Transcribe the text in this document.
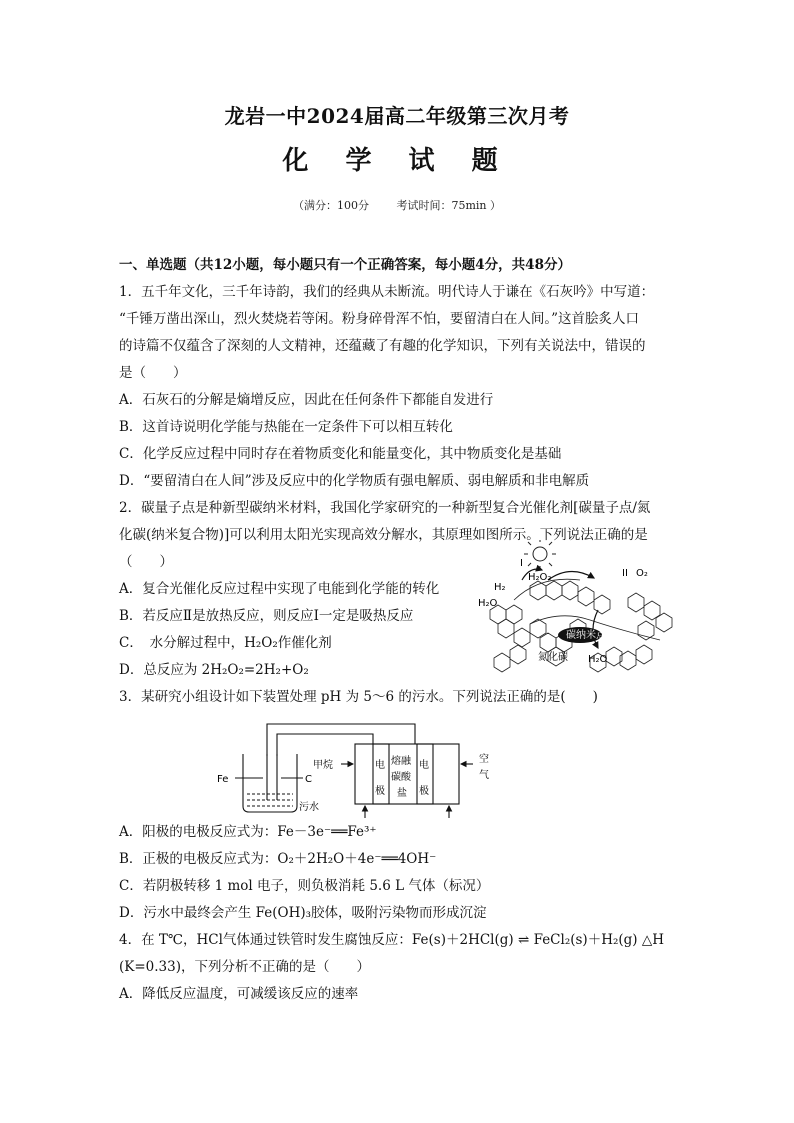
龙岩一中2024届高二年级第三次月考
化 学 试 题
（满分：100分	考试时间：75min ）
一、单选题（共12小题，每小题只有一个正确答案，每小题4分，共48分）
1．五千年文化，三千年诗韵，我们的经典从未断流。明代诗人于谦在《石灰吟》中写道：
“千锤万凿出深山，烈火焚烧若等闲。粉身碎骨浑不怕，要留清白在人间。”这首脍炙人口
的诗篇不仅蕴含了深刻的人文精神，还蕴藏了有趣的化学知识，下列有关说法中，错误的
是（　　）
A．石灰石的分解是熵增反应，因此在任何条件下都能自发进行
B．这首诗说明化学能与热能在一定条件下可以相互转化
C．化学反应过程中同时存在着物质变化和能量变化，其中物质变化是基础
D．“要留清白在人间”涉及反应中的化学物质有强电解质、弱电解质和非电解质
2．碳量子点是种新型碳纳米材料，我国化学家研究的一种新型复合光催化剂[碳量子点/氮
化碳(纳米复合物)]可以利用太阳光实现高效分解水，其原理如图所示。下列说法正确的是
（　　）
A．复合光催化反应过程中实现了电能到化学能的转化
B．若反应Ⅱ是放热反应，则反应Ⅰ一定是吸热反应
C．　水分解过程中，H₂O₂作催化剂
D．总反应为 2H₂O₂=2H₂+O₂
3．某研究小组设计如下装置处理 pH 为 5～6 的污水。下列说法正确的是(　　)
A．阳极的电极反应式为：Fe－3e⁻══Fe³⁺
B．正极的电极反应式为：O₂＋2H₂O＋4e⁻══4OH⁻
C．若阴极转移 1 mol 电子，则负极消耗 5.6 L 气体（标况）
D．污水中最终会产生 Fe(OH)₃胶体，吸附污染物而形成沉淀
4．在 T℃，HCl气体通过铁管时发生腐蚀反应：Fe(s)＋2HCl(g) ⇌ FeCl₂(s)＋H₂(g) △H
(K=0.33)，下列分析不正确的是（　　）
A．降低反应温度，可减缓该反应的速率
H₂
H₂O₂
H₂O
I
II O₂
碳纳米点
氮化碳 H₂O
Fe	C
污水
甲烷	电
极
熔融
碳酸
盐
电
极
空
气
